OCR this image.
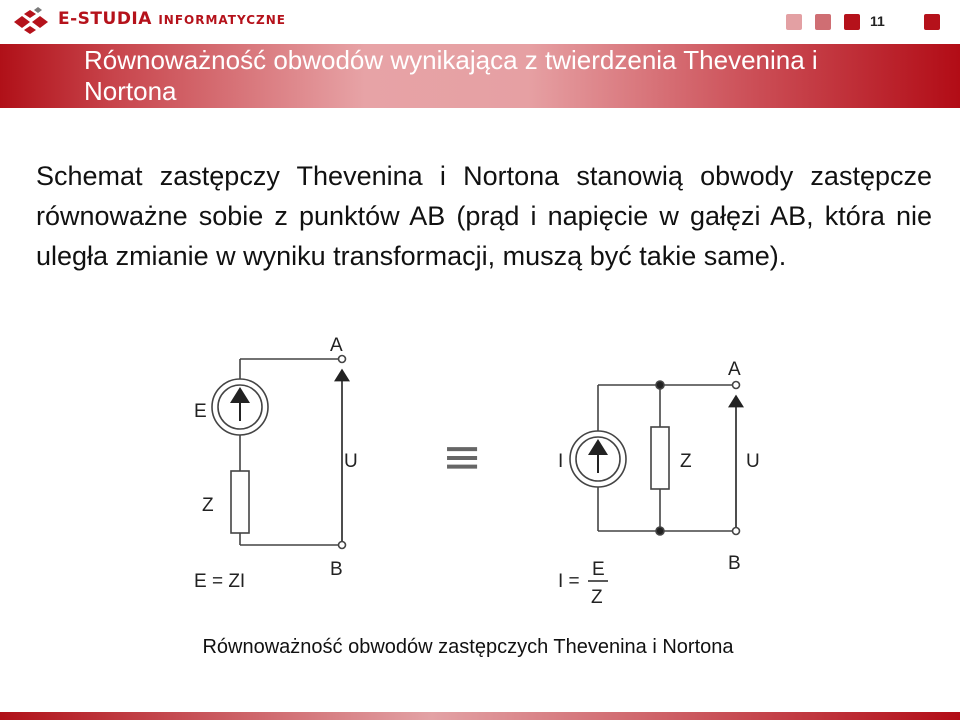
E-STUDIA INFORMATYCZNE	11
Równoważność obwodów wynikająca z twierdzenia Thevenina i Nortona
Schemat zastępczy Thevenina i Nortona stanowią obwody zastępcze równoważne sobie z punktów AB (prąd i napięcie w gałęzi AB, która nie uległa zmianie w wyniku transformacji, muszą być takie same).
E
Z
U
A
B
E = ZI
≡	I	Z	U
A
B
I =
E
Z
Równoważność obwodów zastępczych Thevenina i Nortona
